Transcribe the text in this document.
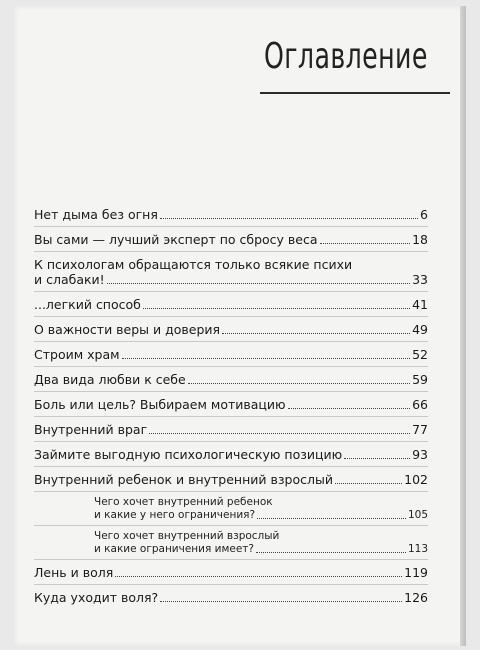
Оглавление
Нет дыма без огня	6
Вы сами — лучший эксперт по сбросу веса	18
К психологам обращаются только всякие психи
и слабаки!	33
...легкий способ	41
О важности веры и доверия	49
Строим храм	52
Два вида любви к себе	59
Боль или цель? Выбираем мотивацию	66
Внутренний враг	77
Займите выгодную психологическую позицию	93
Внутренний ребенок и внутренний взрослый	102
Чего хочет внутренний ребенок
и какие у него ограничения?	105
Чего хочет внутренний взрослый
и какие ограничения имеет?	113
Лень и воля	119
Куда уходит воля?	126
